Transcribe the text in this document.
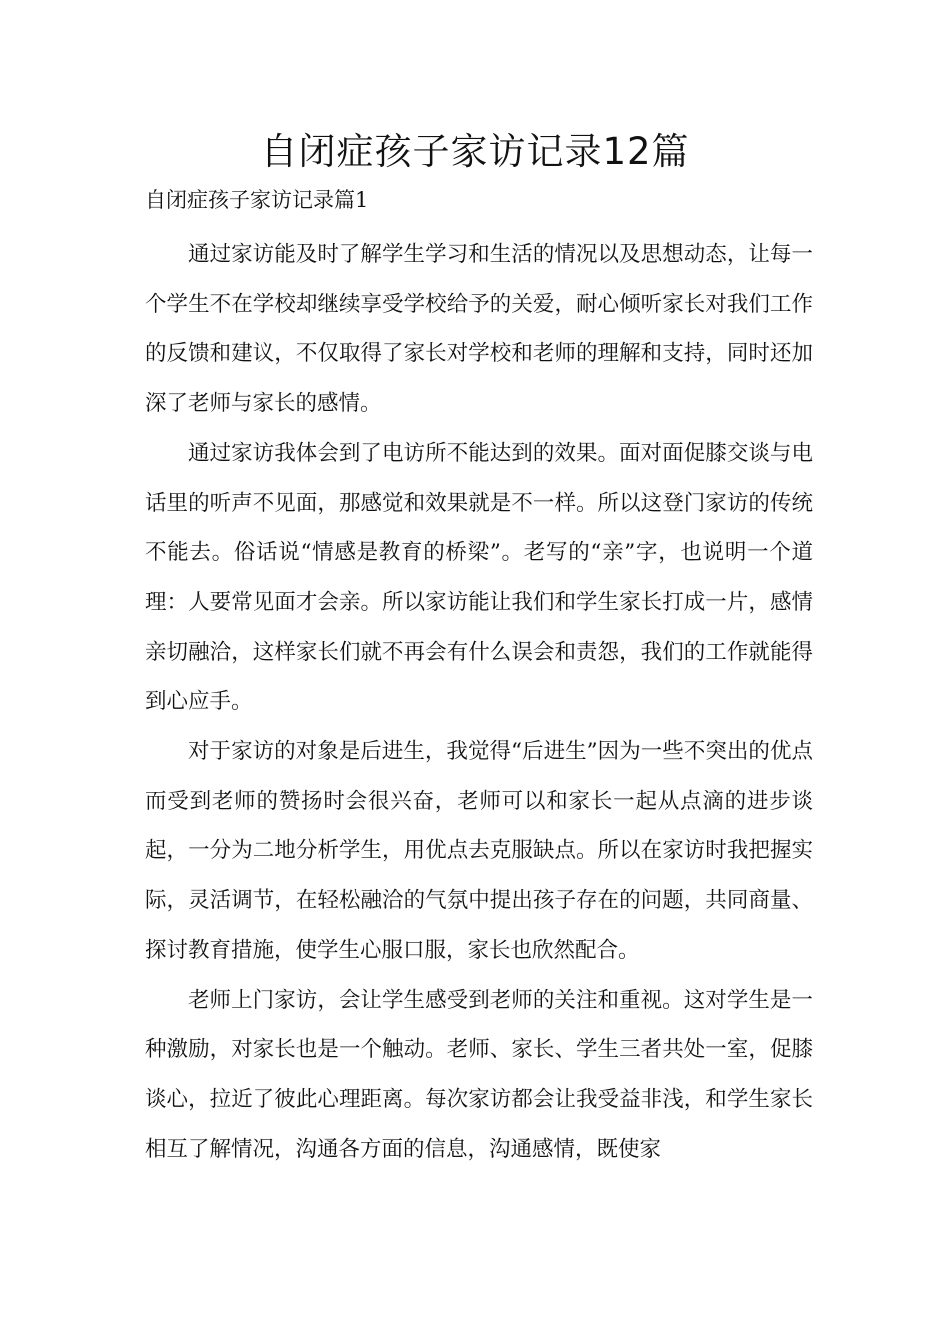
自闭症孩子家访记录12篇
自闭症孩子家访记录篇1

通过家访能及时了解学生学习和生活的情况以及思想动态，让每一个学生不在学校却继续享受学校给予的关爱，耐心倾听家长对我们工作的反馈和建议，不仅取得了家长对学校和老师的理解和支持，同时还加深了老师与家长的感情。

通过家访我体会到了电访所不能达到的效果。面对面促膝交谈与电话里的听声不见面，那感觉和效果就是不一样。所以这登门家访的传统不能去。俗话说“情感是教育的桥梁”。老写的“亲”字，也说明一个道理：人要常见面才会亲。所以家访能让我们和学生家长打成一片，感情亲切融洽，这样家长们就不再会有什么误会和责怨，我们的工作就能得到心应手。

对于家访的对象是后进生，我觉得“后进生”因为一些不突出的优点而受到老师的赞扬时会很兴奋，老师可以和家长一起从点滴的进步谈起，一分为二地分析学生，用优点去克服缺点。所以在家访时我把握实际，灵活调节，在轻松融洽的气氛中提出孩子存在的问题，共同商量、探讨教育措施，使学生心服口服，家长也欣然配合。

老师上门家访，会让学生感受到老师的关注和重视。这对学生是一种激励，对家长也是一个触动。老师、家长、学生三者共处一室，促膝谈心，拉近了彼此心理距离。每次家访都会让我受益非浅，和学生家长相互了解情况，沟通各方面的信息，沟通感情，既使家
